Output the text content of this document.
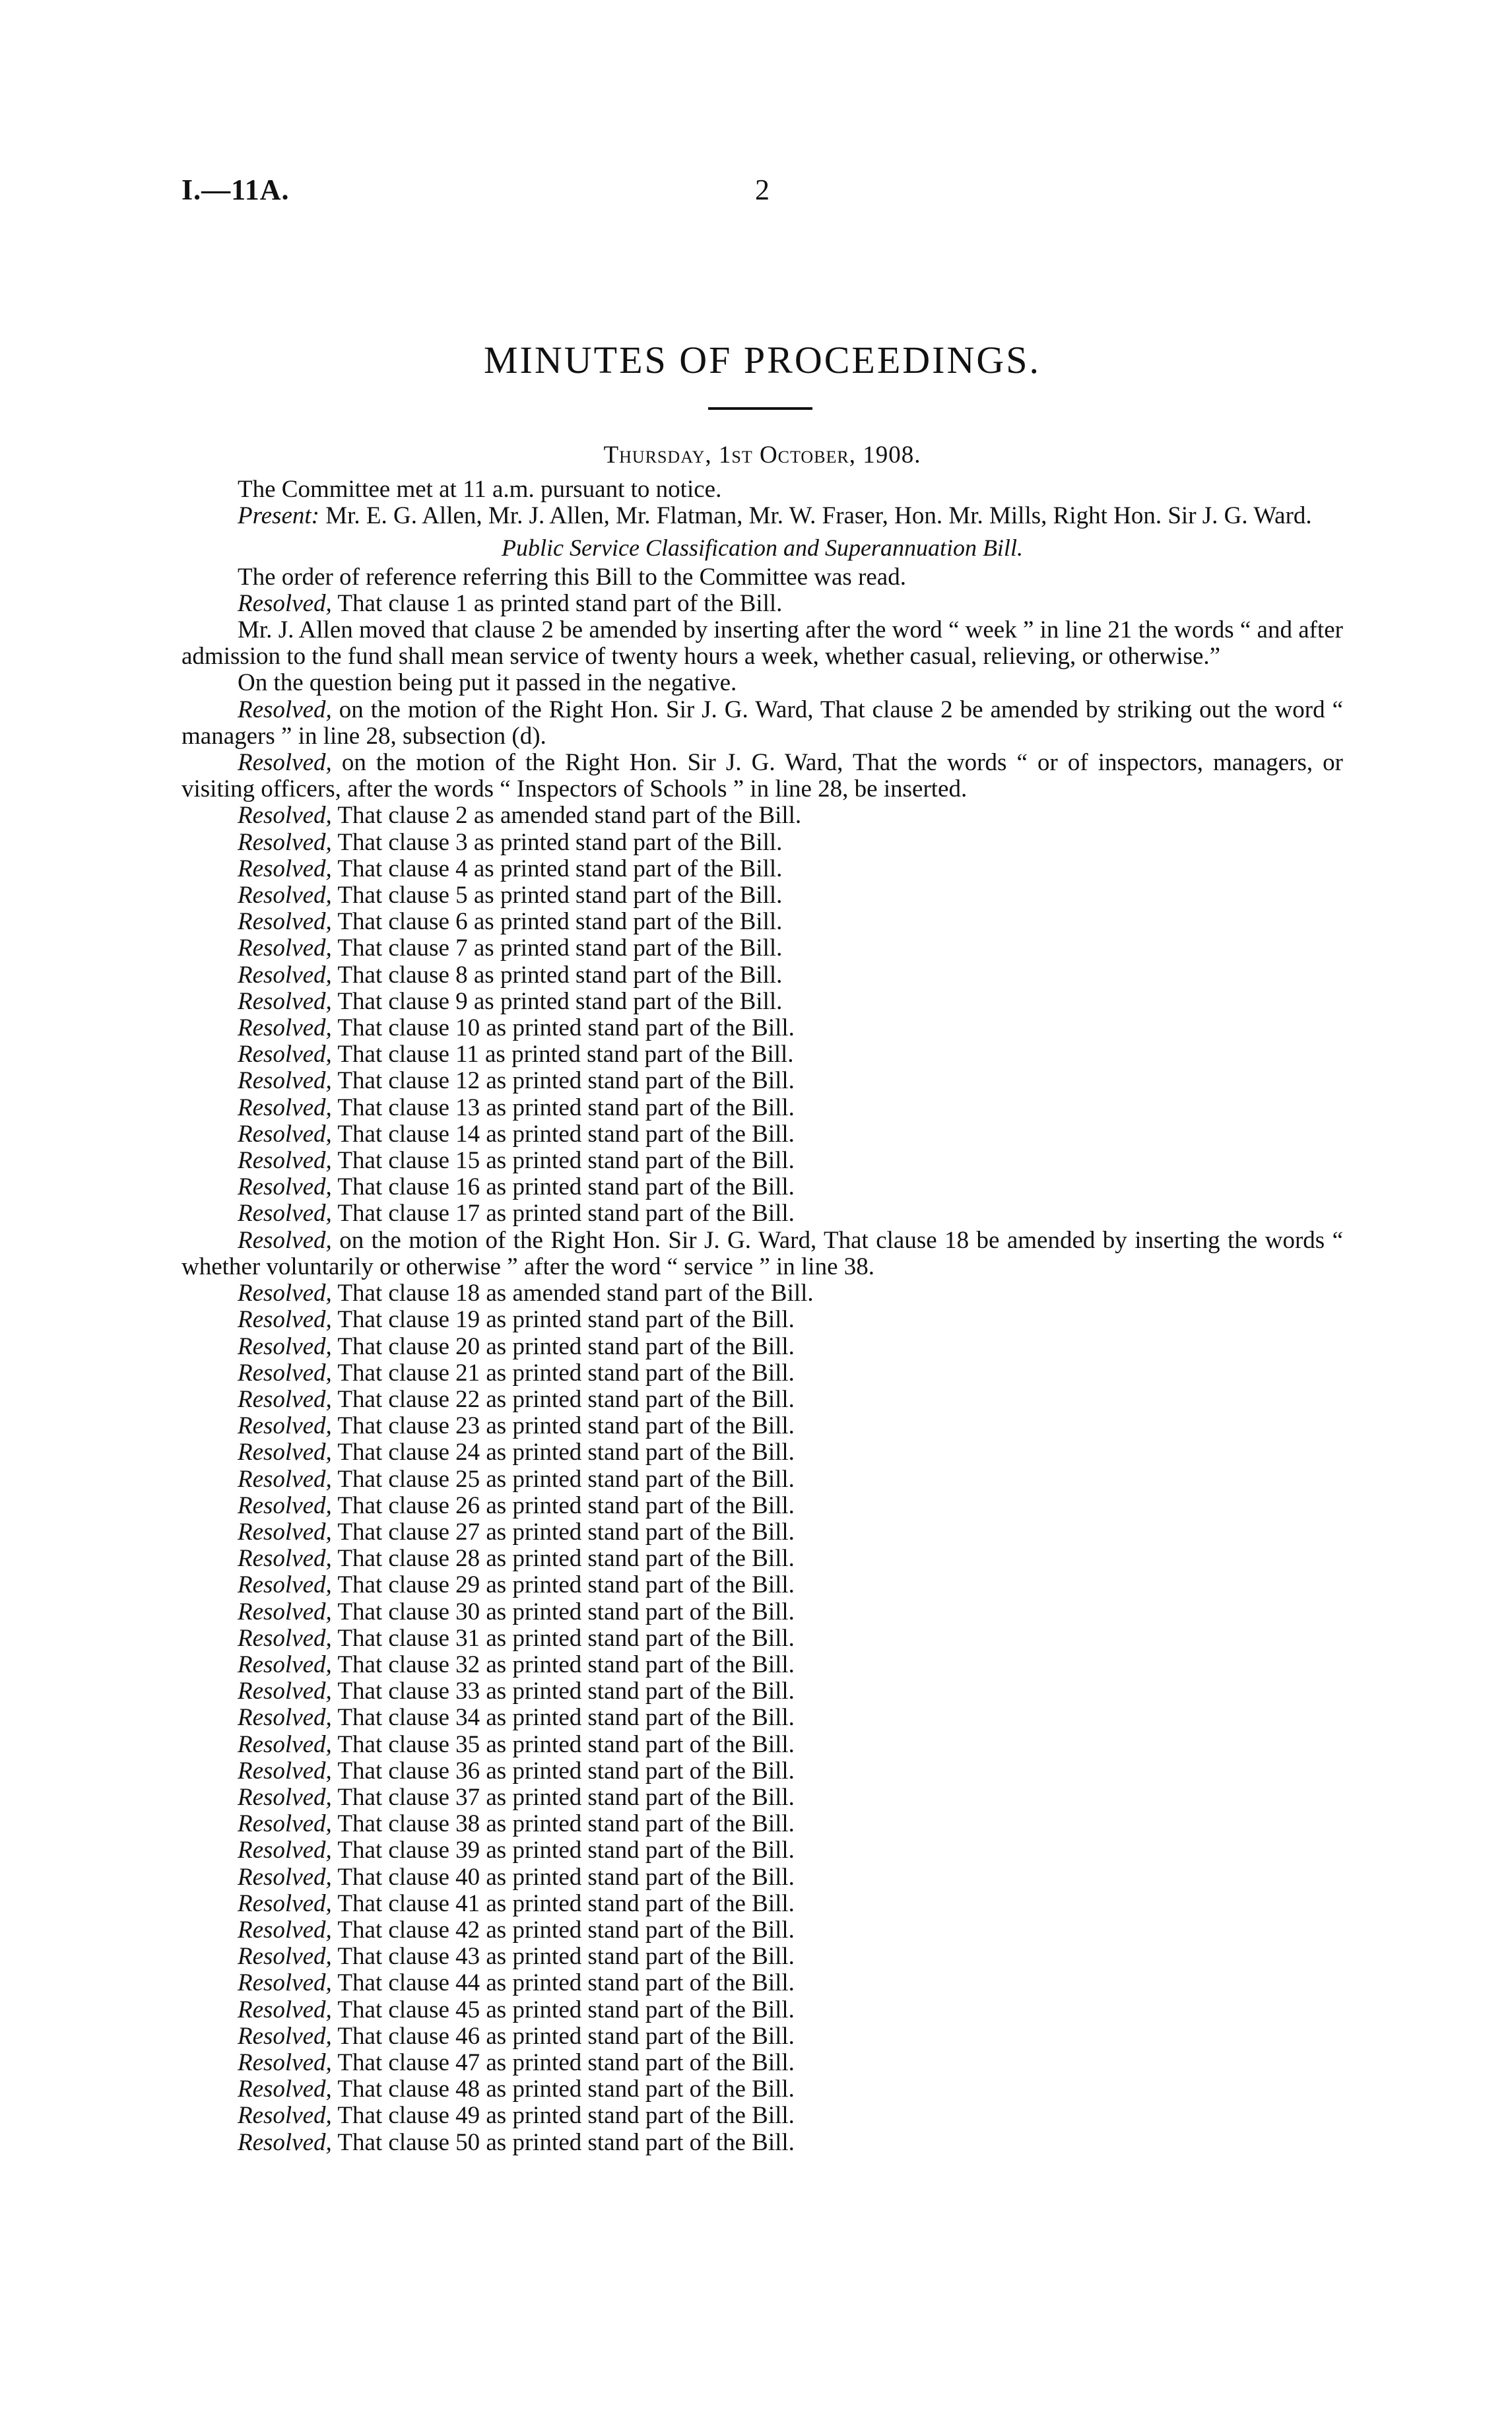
I.—11A.	2
MINUTES OF PROCEEDINGS.
Thursday, 1st October, 1908.

The Committee met at 11 a.m. pursuant to notice.

Present: Mr. E. G. Allen, Mr. J. Allen, Mr. Flatman, Mr. W. Fraser, Hon. Mr. Mills, Right Hon. Sir J. G. Ward.

Public Service Classification and Superannuation Bill.

The order of reference referring this Bill to the Committee was read.

Resolved, That clause 1 as printed stand part of the Bill.

Mr. J. Allen moved that clause 2 be amended by inserting after the word “ week ” in line 21 the words “ and after admission to the fund shall mean service of twenty hours a week, whether casual, relieving, or otherwise.”

On the question being put it passed in the negative.

Resolved, on the motion of the Right Hon. Sir J. G. Ward, That clause 2 be amended by striking out the word “ managers ” in line 28, subsection (d).

Resolved, on the motion of the Right Hon. Sir J. G. Ward, That the words “ or of inspectors, managers, or visiting officers, after the words “ Inspectors of Schools ” in line 28, be inserted.

Resolved, That clause 2 as amended stand part of the Bill.
Resolved, That clause 3 as printed stand part of the Bill.
Resolved, That clause 4 as printed stand part of the Bill.
Resolved, That clause 5 as printed stand part of the Bill.
Resolved, That clause 6 as printed stand part of the Bill.
Resolved, That clause 7 as printed stand part of the Bill.
Resolved, That clause 8 as printed stand part of the Bill.
Resolved, That clause 9 as printed stand part of the Bill.
Resolved, That clause 10 as printed stand part of the Bill.
Resolved, That clause 11 as printed stand part of the Bill.
Resolved, That clause 12 as printed stand part of the Bill.
Resolved, That clause 13 as printed stand part of the Bill.
Resolved, That clause 14 as printed stand part of the Bill.
Resolved, That clause 15 as printed stand part of the Bill.
Resolved, That clause 16 as printed stand part of the Bill.
Resolved, That clause 17 as printed stand part of the Bill.

Resolved, on the motion of the Right Hon. Sir J. G. Ward, That clause 18 be amended by inserting the words “ whether voluntarily or otherwise ” after the word “ service ” in line 38.

Resolved, That clause 18 as amended stand part of the Bill.
Resolved, That clause 19 as printed stand part of the Bill.
Resolved, That clause 20 as printed stand part of the Bill.
Resolved, That clause 21 as printed stand part of the Bill.
Resolved, That clause 22 as printed stand part of the Bill.
Resolved, That clause 23 as printed stand part of the Bill.
Resolved, That clause 24 as printed stand part of the Bill.
Resolved, That clause 25 as printed stand part of the Bill.
Resolved, That clause 26 as printed stand part of the Bill.
Resolved, That clause 27 as printed stand part of the Bill.
Resolved, That clause 28 as printed stand part of the Bill.
Resolved, That clause 29 as printed stand part of the Bill.
Resolved, That clause 30 as printed stand part of the Bill.
Resolved, That clause 31 as printed stand part of the Bill.
Resolved, That clause 32 as printed stand part of the Bill.
Resolved, That clause 33 as printed stand part of the Bill.
Resolved, That clause 34 as printed stand part of the Bill.
Resolved, That clause 35 as printed stand part of the Bill.
Resolved, That clause 36 as printed stand part of the Bill.
Resolved, That clause 37 as printed stand part of the Bill.
Resolved, That clause 38 as printed stand part of the Bill.
Resolved, That clause 39 as printed stand part of the Bill.
Resolved, That clause 40 as printed stand part of the Bill.
Resolved, That clause 41 as printed stand part of the Bill.
Resolved, That clause 42 as printed stand part of the Bill.
Resolved, That clause 43 as printed stand part of the Bill.
Resolved, That clause 44 as printed stand part of the Bill.
Resolved, That clause 45 as printed stand part of the Bill.
Resolved, That clause 46 as printed stand part of the Bill.
Resolved, That clause 47 as printed stand part of the Bill.
Resolved, That clause 48 as printed stand part of the Bill.
Resolved, That clause 49 as printed stand part of the Bill.
Resolved, That clause 50 as printed stand part of the Bill.
